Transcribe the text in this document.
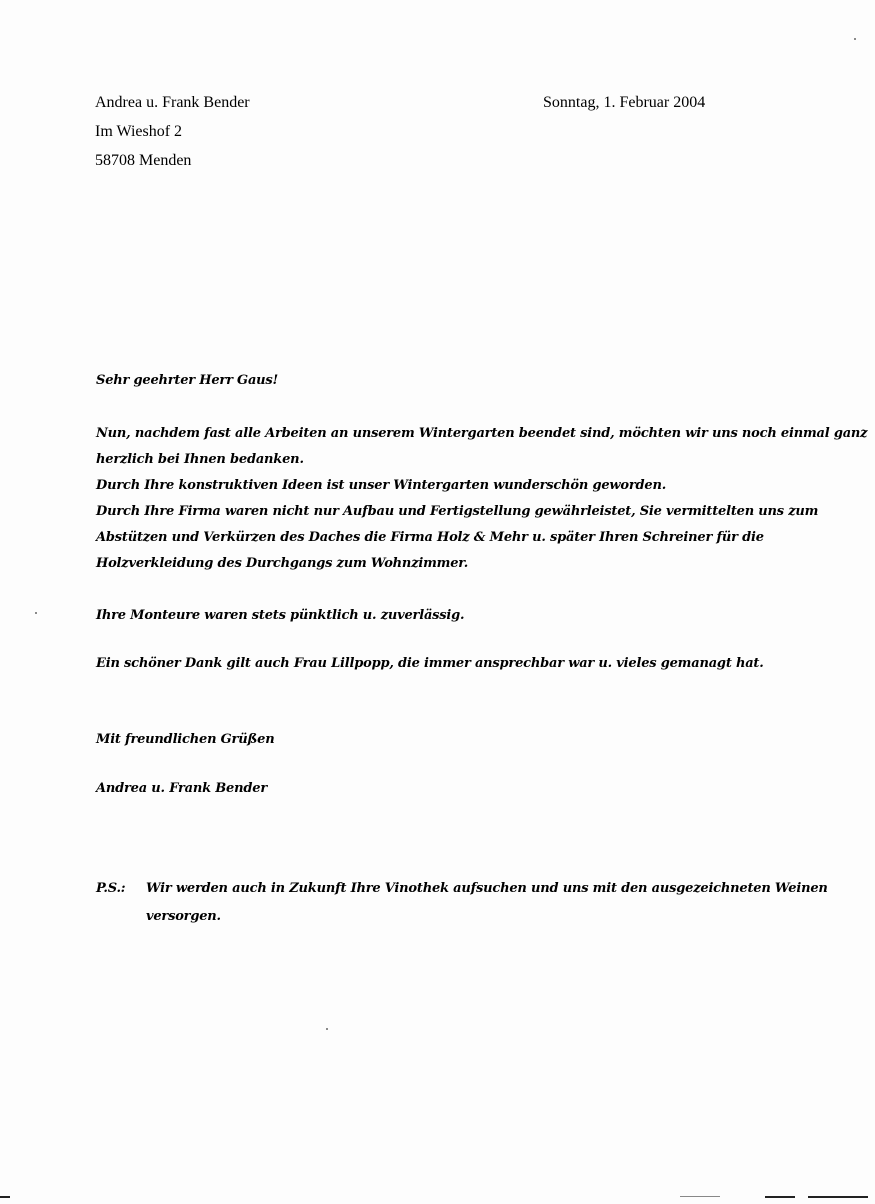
Andrea u. Frank Bender
Im Wieshof 2
58708 Menden
Sonntag, 1. Februar 2004
Sehr geehrter Herr Gaus!
Nun, nachdem fast alle Arbeiten an unserem Wintergarten beendet sind, möchten wir uns noch einmal ganz
herzlich bei Ihnen bedanken.
Durch Ihre konstruktiven Ideen ist unser Wintergarten wunderschön geworden.
Durch Ihre Firma waren nicht nur Aufbau und Fertigstellung gewährleistet, Sie vermittelten uns zum
Abstützen und Verkürzen des Daches die Firma Holz & Mehr u. später Ihren Schreiner für die
Holzverkleidung des Durchgangs zum Wohnzimmer.
Ihre Monteure waren stets pünktlich u. zuverlässig.
Ein schöner Dank gilt auch Frau Lillpopp, die immer ansprechbar war u. vieles gemanagt hat.
Mit freundlichen Grüßen
Andrea u. Frank Bender
P.S.: Wir werden auch in Zukunft Ihre Vinothek aufsuchen und uns mit den ausgezeichneten Weinen
versorgen.
